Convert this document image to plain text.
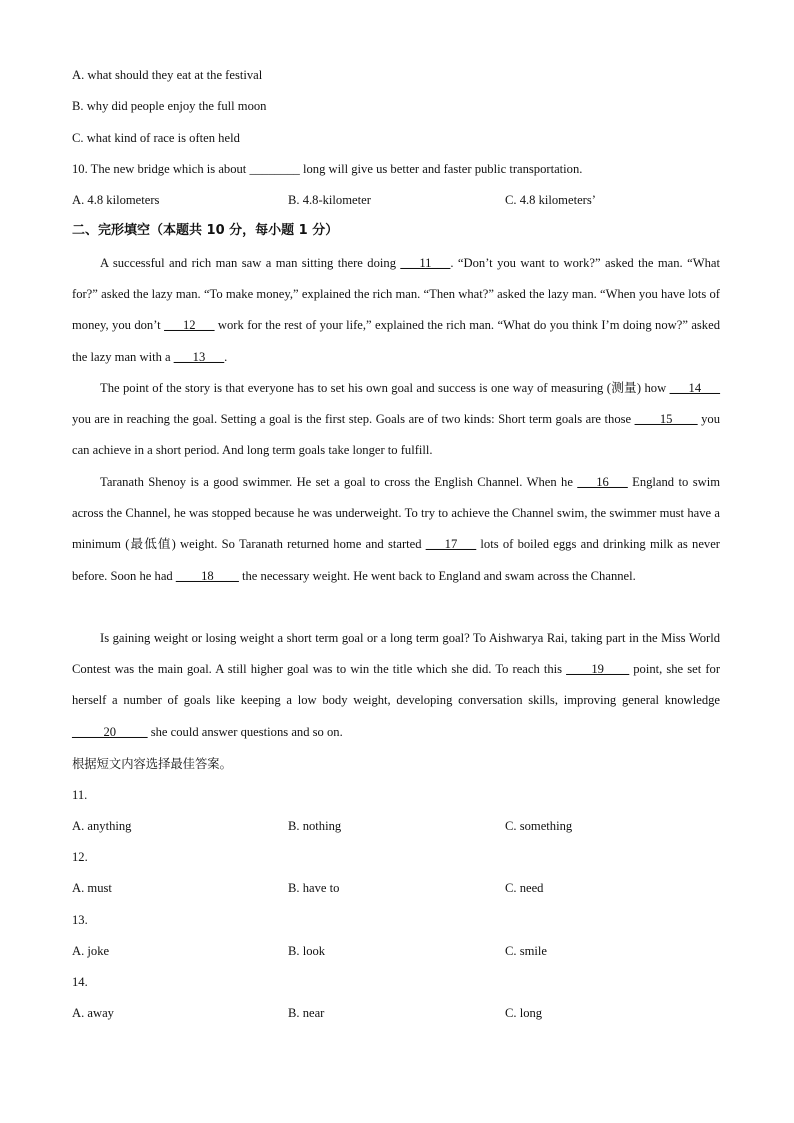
A. what should they eat at the festival
B. why did people enjoy the full moon
C. what kind of race is often held
10. The new bridge which is about ________ long will give us better and faster public transportation.
A. 4.8 kilometers	B. 4.8-kilometer	C. 4.8 kilometers’
二、完形填空（本题共 10 分，每小题 1 分）
A successful and rich man saw a man sitting there doing ___11___. “Don’t you want to work?” asked the man. “What for?” asked the lazy man. “To make money,” explained the rich man. “Then what?” asked the lazy man. “When you have lots of money, you don’t ___12___ work for the rest of your life,” explained the rich man. “What do you think I’m doing now?” asked the lazy man with a ___13___.
The point of the story is that everyone has to set his own goal and success is one way of measuring (测量) how ___14___ you are in reaching the goal. Setting a goal is the first step. Goals are of two kinds: Short term goals are those ____15____ you can achieve in a short period. And long term goals take longer to fulfill.
Taranath Shenoy is a good swimmer. He set a goal to cross the English Channel. When he ___16___ England to swim across the Channel, he was stopped because he was underweight. To try to achieve the Channel swim, the swimmer must have a minimum (最低值) weight. So Taranath returned home and started ___17___ lots of boiled eggs and drinking milk as never before. Soon he had ____18____ the necessary weight. He went back to England and swam across the Channel.
Is gaining weight or losing weight a short term goal or a long term goal? To Aishwarya Rai, taking part in the Miss World Contest was the main goal. A still higher goal was to win the title which she did. To reach this ____19____ point, she set for herself a number of goals like keeping a low body weight, developing conversation skills, improving general knowledge _____20_____ she could answer questions and so on.
根据短文内容选择最佳答案。
11.
A. anything	B. nothing	C. something
12.
A. must	B. have to	C. need
13.
A. joke	B. look	C. smile
14.
A. away	B. near	C. long
